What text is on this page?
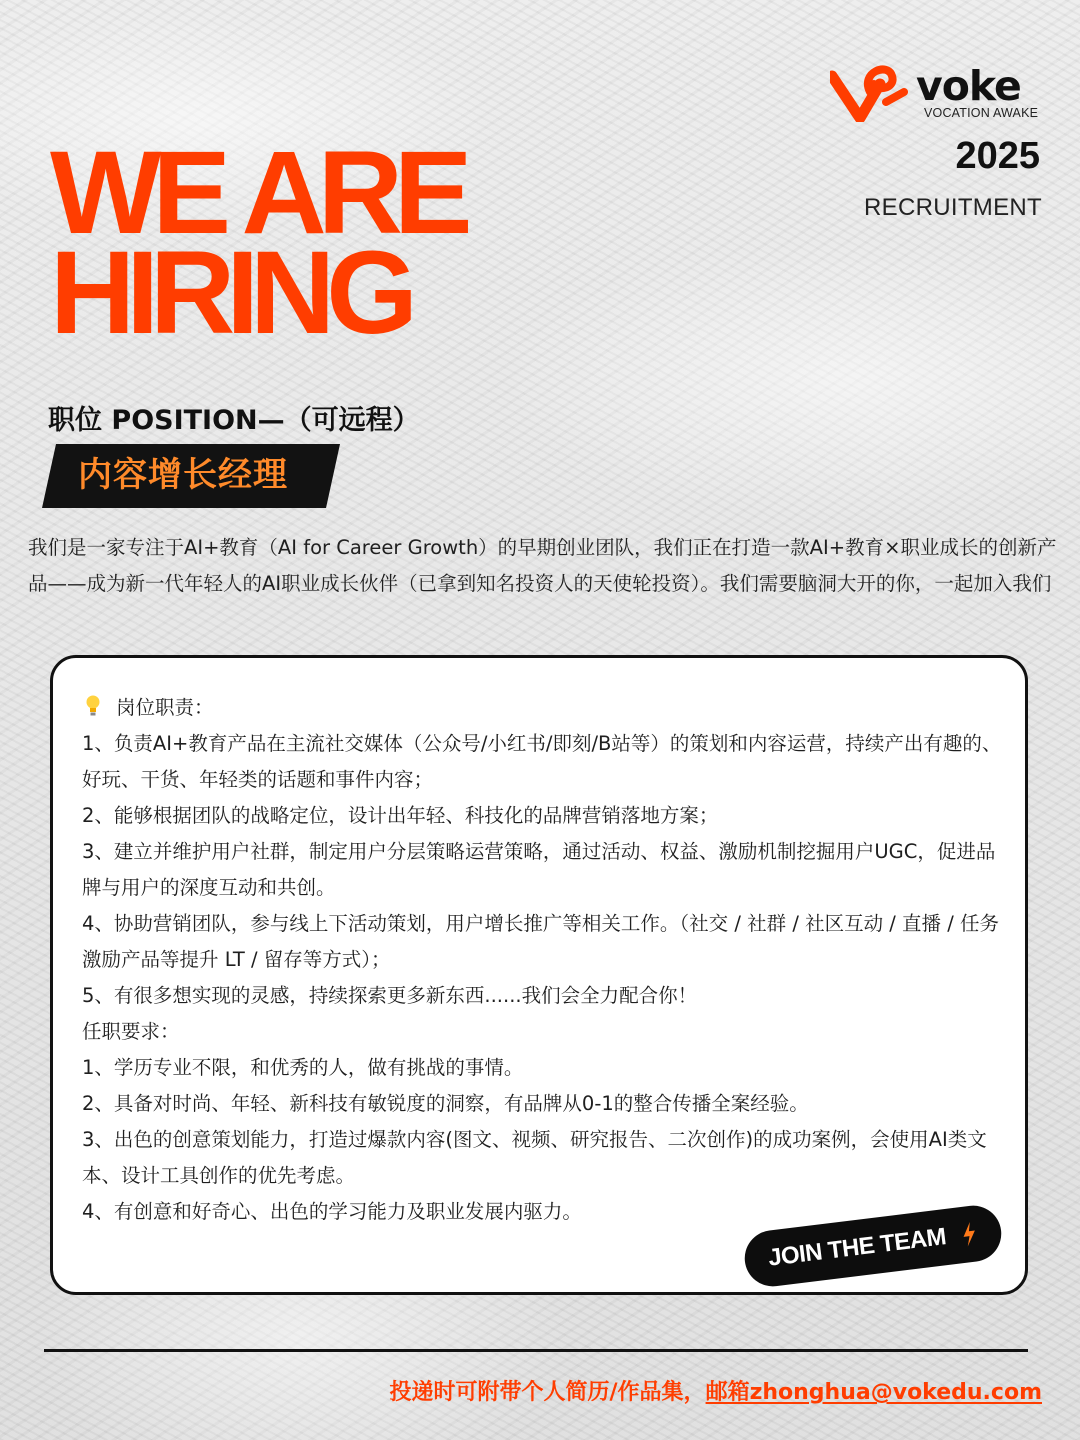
voke
VOCATION AWAKE
2025
RECRUITMENT
WE ARE
HIRING
职位 POSITION—（可远程）
内容增长经理
我们是一家专注于AI+教育（AI for Career Growth）的早期创业团队，我们正在打造一款AI+教育×职业成长的创新产品——成为新一代年轻人的AI职业成长伙伴（已拿到知名投资人的天使轮投资）。我们需要脑洞大开的你，一起加入我们
岗位职责：
1、负责AI+教育产品在主流社交媒体（公众号/小红书/即刻/B站等）的策划和内容运营，持续产出有趣的、好玩、干货、年轻类的话题和事件内容；
2、能够根据团队的战略定位，设计出年轻、科技化的品牌营销落地方案；
3、建立并维护用户社群，制定用户分层策略运营策略，通过活动、权益、激励机制挖掘用户UGC，促进品牌与用户的深度互动和共创。
4、协助营销团队，参与线上下活动策划，用户增长推广等相关工作。（社交 / 社群 / 社区互动 / 直播 / 任务激励产品等提升 LT / 留存等方式）；
5、有很多想实现的灵感，持续探索更多新东西......我们会全力配合你！
任职要求：
1、学历专业不限，和优秀的人，做有挑战的事情。
2、具备对时尚、年轻、新科技有敏锐度的洞察，有品牌从0-1的整合传播全案经验。
3、出色的创意策划能力，打造过爆款内容(图文、视频、研究报告、二次创作)的成功案例，会使用AI类文本、设计工具创作的优先考虑。
4、有创意和好奇心、出色的学习能力及职业发展内驱力。
JOIN THE TEAM
投递时可附带个人简历/作品集，邮箱zhonghua@vokedu.com
